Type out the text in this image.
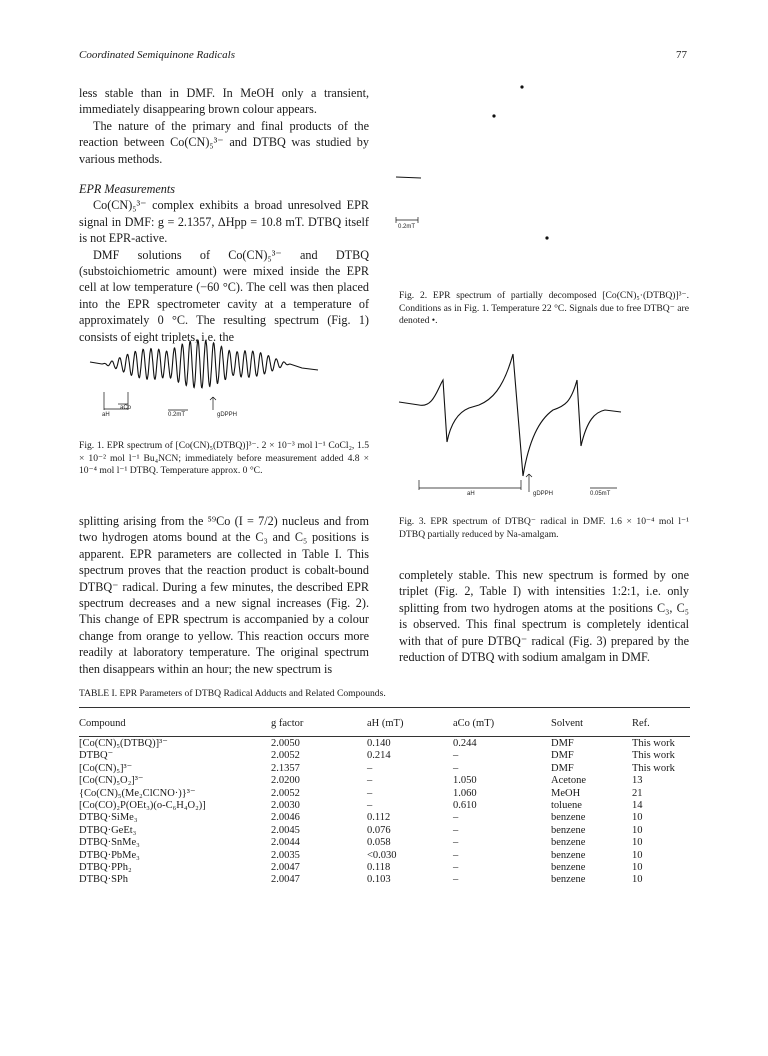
Coordinated Semiquinone Radicals	77

less stable than in DMF. In MeOH only a transient, immediately disappearing brown colour appears.

The nature of the primary and final products of the reaction between Co(CN)₅³⁻ and DTBQ was studied by various methods.

EPR Measurements

Co(CN)₅³⁻ complex exhibits a broad unresolved EPR signal in DMF: g = 2.1357, ΔHpp = 10.8 mT. DTBQ itself is not EPR-active.

DMF solutions of Co(CN)₅³⁻ and DTBQ (substoichiometric amount) were mixed inside the EPR cell at low temperature (−60 °C). The cell was then placed into the EPR spectrometer cavity at a temperature of approximately 0 °C. The resulting spectrum (Fig. 1) consists of eight triplets, i.e. the

0.2mT
Fig. 2. EPR spectrum of partially decomposed [Co(CN)₅·(DTBQ)]³⁻. Conditions as in Fig. 1. Temperature 22 °C. Signals due to free DTBQ⁻ are denoted •.
aH
aCo
0.2mT	gDPPH
Fig. 1. EPR spectrum of [Co(CN)₅(DTBQ)]³⁻. 2 × 10⁻³ mol l⁻¹ CoCl₂, 1.5 × 10⁻² mol l⁻¹ Bu₄NCN; immediately before measurement added 4.8 × 10⁻⁴ mol l⁻¹ DTBQ. Temperature approx. 0 °C.
aH	gDPPH	0.05mT
Fig. 3. EPR spectrum of DTBQ⁻ radical in DMF. 1.6 × 10⁻⁴ mol l⁻¹ DTBQ partially reduced by Na-amalgam.

splitting arising from the ⁵⁹Co (I = 7/2) nucleus and from two hydrogen atoms bound at the C₃ and C₅ positions is apparent. EPR parameters are collected in Table I. This spectrum proves that the reaction product is cobalt-bound DTBQ⁻ radical. During a few minutes, the described EPR spectrum decreases and a new signal increases (Fig. 2). This change of EPR spectrum is accompanied by a colour change from orange to yellow. This reaction occurs more readily at laboratory temperature. The original spectrum then disappears within an hour; the new spectrum is

completely stable. This new spectrum is formed by one triplet (Fig. 2, Table I) with intensities 1:2:1, i.e. only splitting from two hydrogen atoms at the positions C₃, C₅ is observed. This final spectrum is completely identical with that of pure DTBQ⁻ radical (Fig. 3) prepared by the reduction of DTBQ with sodium amalgam in DMF.

TABLE I. EPR Parameters of DTBQ Radical Adducts and Related Compounds.
Compound	g factor	aH (mT)	aCo (mT)	Solvent	Ref.
[Co(CN)₅(DTBQ)]³⁻	2.0050	0.140	0.244	DMF	This work
DTBQ⁻	2.0052	0.214	–	DMF	This work
[Co(CN)₅]³⁻	2.1357	–	–	DMF	This work
[Co(CN)₅O₂]³⁻	2.0200	–	1.050	Acetone	13
{Co(CN)₅(Me₂ClCNO·)}³⁻	2.0052	–	1.060	MeOH	21
[Co(CO)₂P(OEt₃)(o-C₆H₄O₂)]	2.0030	–	0.610	toluene	14
DTBQ·SiMe₃	2.0046	0.112	–	benzene	10
DTBQ·GeEt₃	2.0045	0.076	–	benzene	10
DTBQ·SnMe₃	2.0044	0.058	–	benzene	10
DTBQ·PbMe₃	2.0035	<0.030	–	benzene	10
DTBQ·PPh₂	2.0047	0.118	–	benzene	10
DTBQ·SPh	2.0047	0.103	–	benzene	10
